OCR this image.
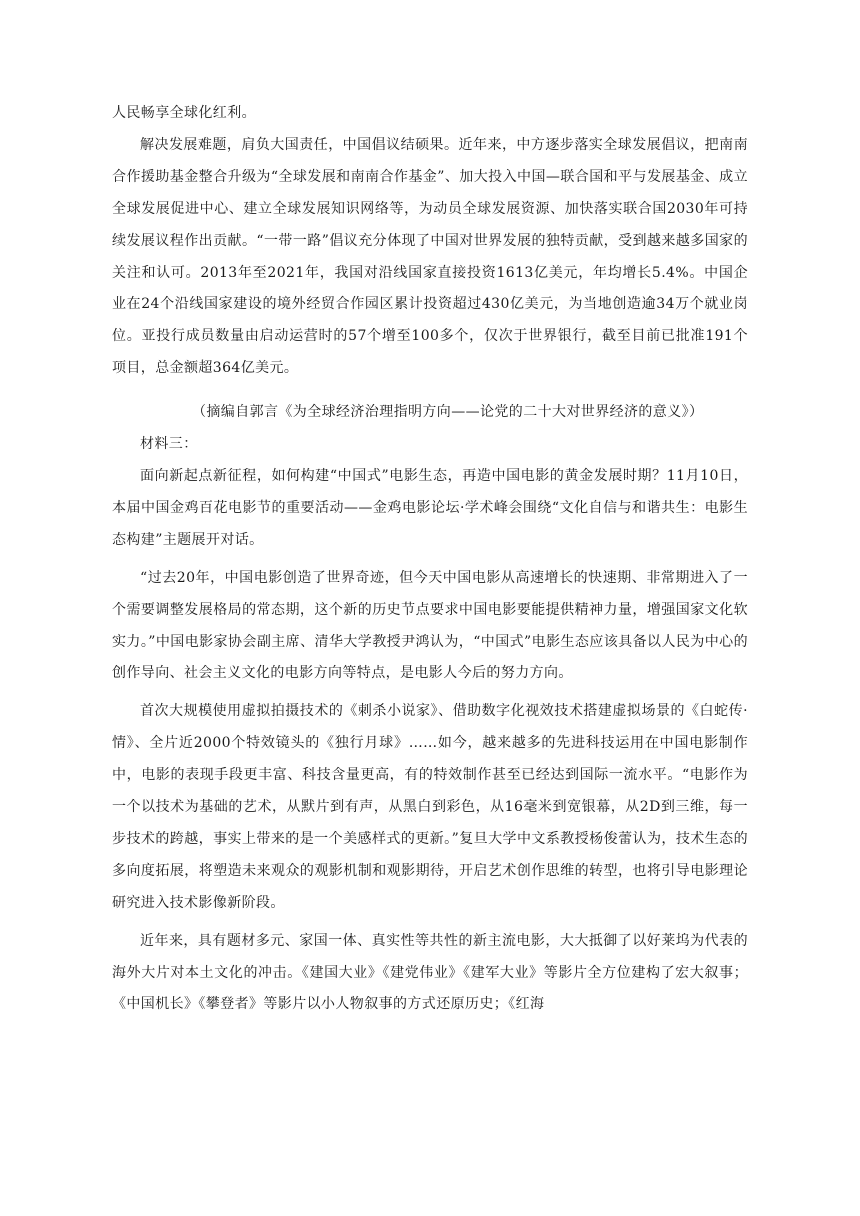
人民畅享全球化红利。

解决发展难题，肩负大国责任，中国倡议结硕果。近年来，中方逐步落实全球发展倡议，把南南合作援助基金整合升级为“全球发展和南南合作基金”、加大投入中国—联合国和平与发展基金、成立全球发展促进中心、建立全球发展知识网络等，为动员全球发展资源、加快落实联合国2030年可持续发展议程作出贡献。“一带一路”倡议充分体现了中国对世界发展的独特贡献，受到越来越多国家的关注和认可。2013年至2021年，我国对沿线国家直接投资1613亿美元，年均增长5.4%。中国企业在24个沿线国家建设的境外经贸合作园区累计投资超过430亿美元，为当地创造逾34万个就业岗位。亚投行成员数量由启动运营时的57个增至100多个，仅次于世界银行，截至目前已批准191个项目，总金额超364亿美元。

（摘编自郭言《为全球经济治理指明方向——论党的二十大对世界经济的意义》）

材料三：

面向新起点新征程，如何构建“中国式”电影生态，再造中国电影的黄金发展时期？11月10日，本届中国金鸡百花电影节的重要活动——金鸡电影论坛·学术峰会围绕“文化自信与和谐共生：电影生态构建”主题展开对话。

“过去20年，中国电影创造了世界奇迹，但今天中国电影从高速增长的快速期、非常期进入了一个需要调整发展格局的常态期，这个新的历史节点要求中国电影要能提供精神力量，增强国家文化软实力。”中国电影家协会副主席、清华大学教授尹鸿认为，“中国式”电影生态应该具备以人民为中心的创作导向、社会主义文化的电影方向等特点，是电影人今后的努力方向。

首次大规模使用虚拟拍摄技术的《刺杀小说家》、借助数字化视效技术搭建虚拟场景的《白蛇传·情》、全片近2000个特效镜头的《独行月球》……如今，越来越多的先进科技运用在中国电影制作中，电影的表现手段更丰富、科技含量更高，有的特效制作甚至已经达到国际一流水平。“电影作为一个以技术为基础的艺术，从默片到有声，从黑白到彩色，从16毫米到宽银幕，从2D到三维，每一步技术的跨越，事实上带来的是一个美感样式的更新。”复旦大学中文系教授杨俊蕾认为，技术生态的多向度拓展，将塑造未来观众的观影机制和观影期待，开启艺术创作思维的转型，也将引导电影理论研究进入技术影像新阶段。

近年来，具有题材多元、家国一体、真实性等共性的新主流电影，大大抵御了以好莱坞为代表的海外大片对本土文化的冲击。《建国大业》《建党伟业》《建军大业》等影片全方位建构了宏大叙事；《中国机长》《攀登者》等影片以小人物叙事的方式还原历史；《红海
